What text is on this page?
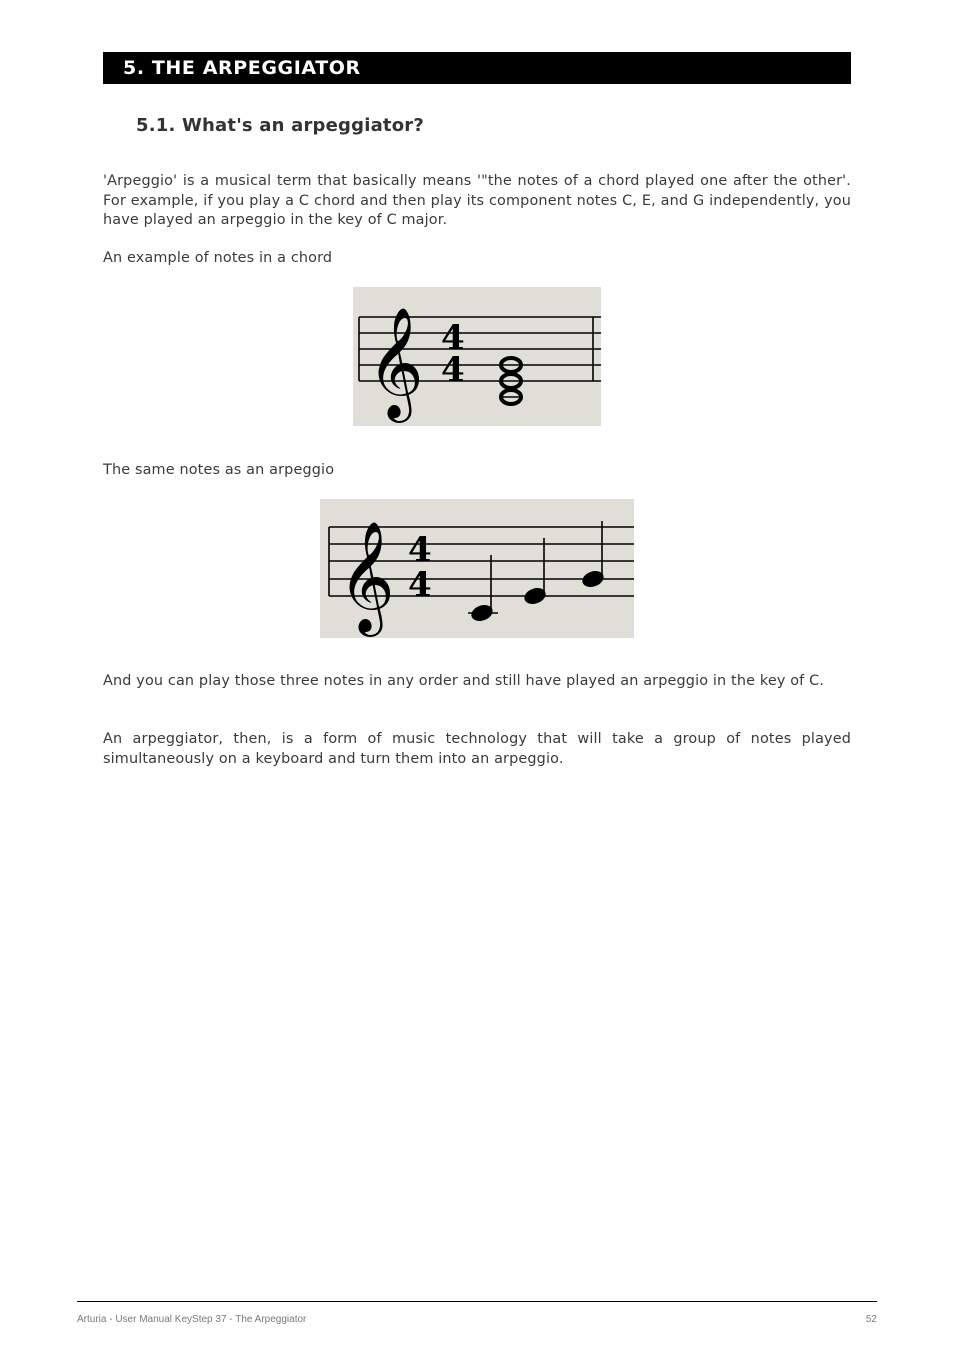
5. THE ARPEGGIATOR
5.1. What's an arpeggiator?

'Arpeggio' is a musical term that basically means '"the notes of a chord played one after the other'. For example, if you play a C chord and then play its component notes C, E, and G independently, you have played an arpeggio in the key of C major.

An example of notes in a chord

𝄞 4
4

The same notes as an arpeggio

𝄞 4
4

And you can play those three notes in any order and still have played an arpeggio in the key of C.

An arpeggiator, then, is a form of music technology that will take a group of notes played simultaneously on a keyboard and turn them into an arpeggio.

Arturia - User Manual KeyStep 37 - The Arpeggiator	52
